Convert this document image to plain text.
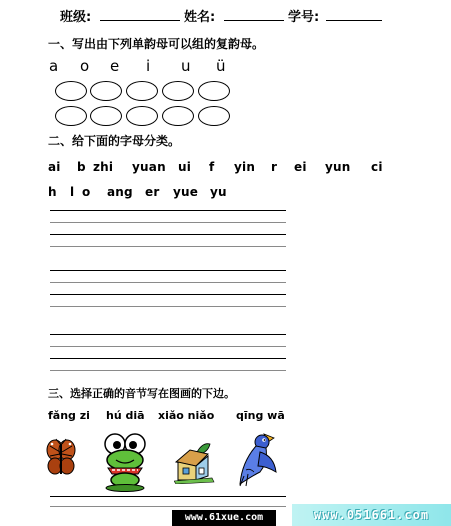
班级:	姓名:	学号:
一、写出由下列单韵母可以组的复韵母。
a o e i u ü
二、给下面的字母分类。
ai b zhi yuan ui f yin r ei yun ci
h l o ang er yue yu
三、选择正确的音节写在图画的下边。
fǎng zi hú diā xiǎo niǎo qīng wā
www.61xue.com	www.051661.com
